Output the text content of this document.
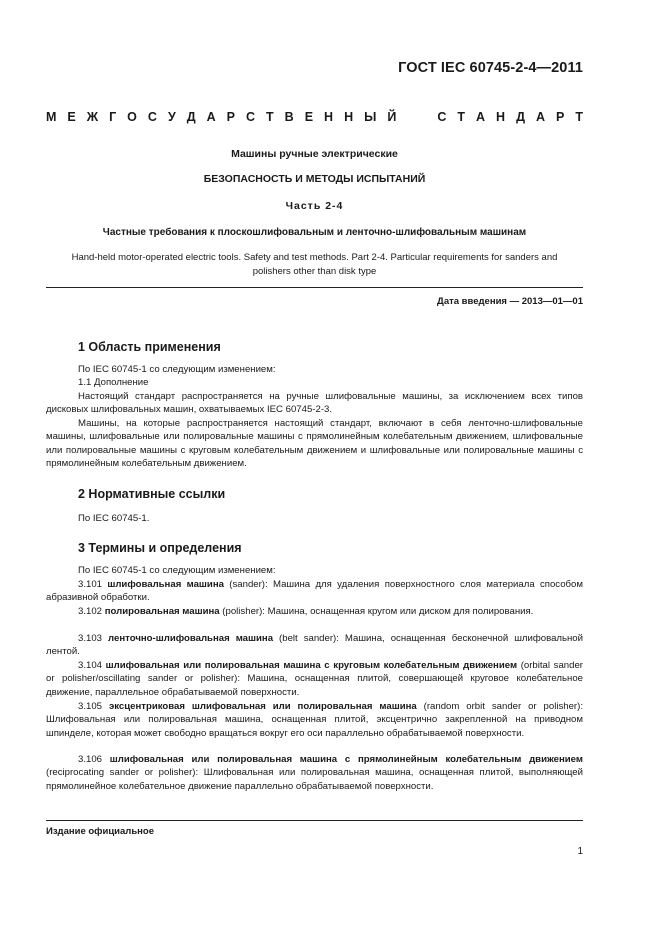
ГОСТ IEC 60745-2-4—2011
М Е Ж Г О С У Д А Р С Т В Е Н Н Ы Й	С Т А Н Д А Р Т
Машины ручные электрические
БЕЗОПАСНОСТЬ И МЕТОДЫ ИСПЫТАНИЙ
Часть 2-4
Частные требования к плоскошлифовальным и ленточно-шлифовальным машинам
Hand-held motor-operated electric tools. Safety and test methods. Part 2-4. Particular requirements for sanders and polishers other than disk type
Дата введения — 2013—01—01
1 Область применения
По IEC 60745-1 со следующим изменением:
1.1 Дополнение
Настоящий стандарт распространяется на ручные шлифовальные машины, за исключением всех типов дисковых шлифовальных машин, охватываемых IEC 60745-2-3.
Машины, на которые распространяется настоящий стандарт, включают в себя ленточно-шлифовальные машины, шлифовальные или полировальные машины с прямолинейным колебательным движением, шлифовальные или полировальные машины с круговым колебательным движением и шлифовальные или полировальные машины с прямолинейным колебательным движением.
2 Нормативные ссылки
По IEC 60745-1.
3 Термины и определения
По IEC 60745-1 со следующим изменением:
3.101 шлифовальная машина (sander): Машина для удаления поверхностного слоя материала способом абразивной обработки.
3.102 полировальная машина (polisher): Машина, оснащенная кругом или диском для полирования.
3.103 ленточно-шлифовальная машина (belt sander): Машина, оснащенная бесконечной шлифовальной лентой.
3.104 шлифовальная или полировальная машина с круговым колебательным движением (orbital sander or polisher/oscillating sander or polisher): Машина, оснащенная плитой, совершающей круговое колебательное движение, параллельное обрабатываемой поверхности.
3.105 эксцентриковая шлифовальная или полировальная машина (random orbit sander or polisher): Шлифовальная или полировальная машина, оснащенная плитой, эксцентрично закрепленной на приводном шпинделе, которая может свободно вращаться вокруг его оси параллельно обрабатываемой поверхности.
3.106 шлифовальная или полировальная машина с прямолинейным колебательным движением (reciprocating sander or polisher): Шлифовальная или полировальная машина, оснащенная плитой, выполняющей прямолинейное колебательное движение параллельно обрабатываемой поверхности.
Издание официальное
1
